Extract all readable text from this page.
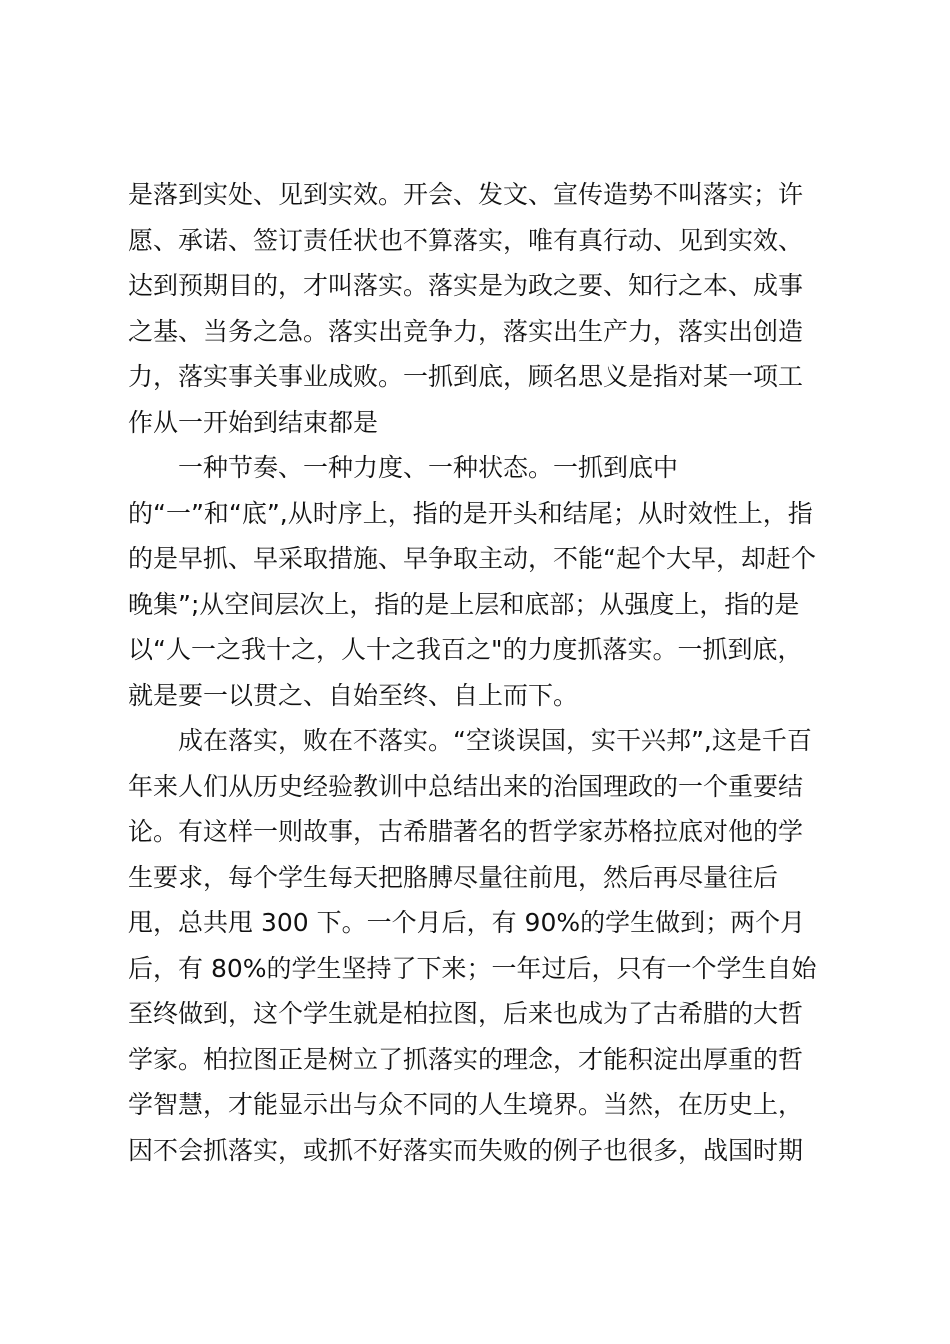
是落到实处、见到实效。开会、发文、宣传造势不叫落实；许
愿、承诺、签订责任状也不算落实，唯有真行动、见到实效、
达到预期目的，才叫落实。落实是为政之要、知行之本、成事
之基、当务之急。落实出竞争力，落实出生产力，落实出创造
力，落实事关事业成败。一抓到底，顾名思义是指对某一项工
作从一开始到结束都是
一种节奏、一种力度、一种状态。一抓到底中
的“一”和“底”,从时序上，指的是开头和结尾；从时效性上，指
的是早抓、早采取措施、早争取主动，不能“起个大早，却赶个
晚集”;从空间层次上，指的是上层和底部；从强度上，指的是
以“人一之我十之，人十之我百之"的力度抓落实。一抓到底，
就是要一以贯之、自始至终、自上而下。
成在落实，败在不落实。“空谈误国，实干兴邦”,这是千百
年来人们从历史经验教训中总结出来的治国理政的一个重要结
论。有这样一则故事，古希腊著名的哲学家苏格拉底对他的学
生要求，每个学生每天把胳膊尽量往前甩，然后再尽量往后
甩，总共甩 300 下。一个月后，有 90%的学生做到；两个月
后，有 80%的学生坚持了下来；一年过后，只有一个学生自始
至终做到，这个学生就是柏拉图，后来也成为了古希腊的大哲
学家。柏拉图正是树立了抓落实的理念，才能积淀出厚重的哲
学智慧，才能显示出与众不同的人生境界。当然，在历史上，
因不会抓落实，或抓不好落实而失败的例子也很多，战国时期
